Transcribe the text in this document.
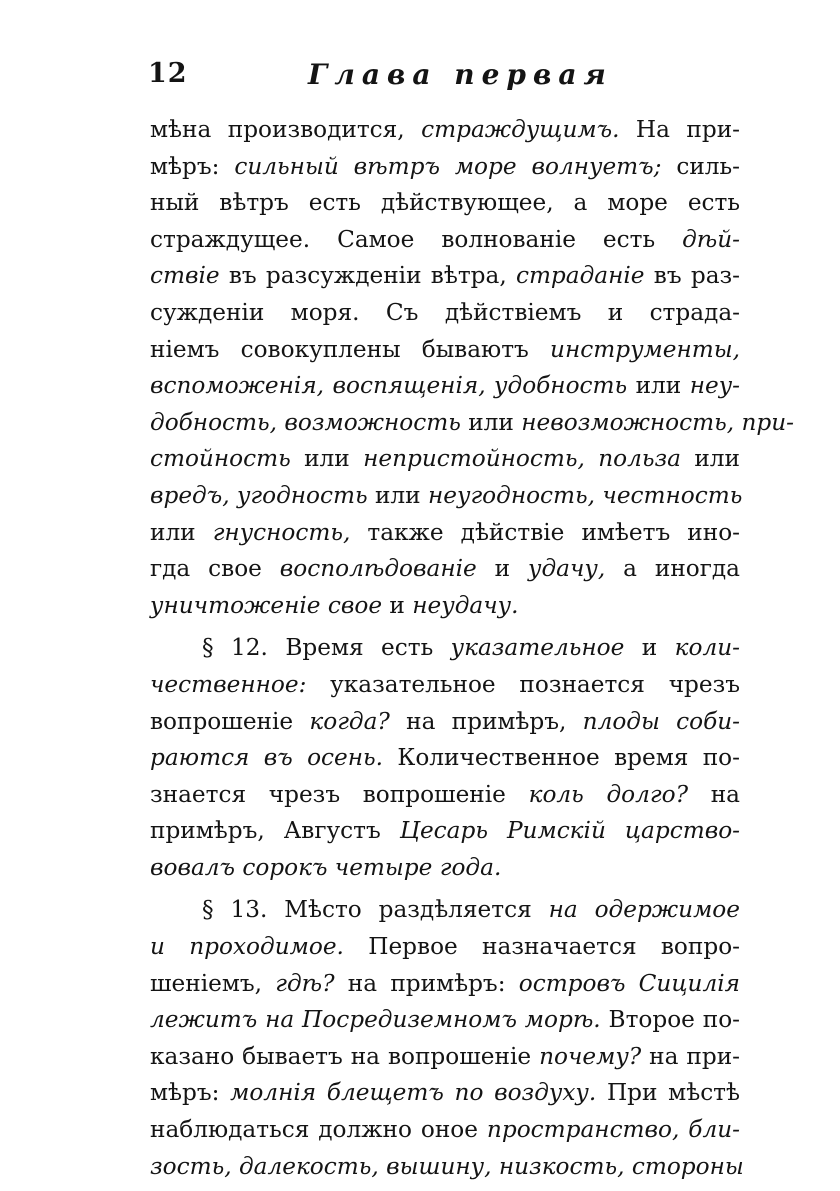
12	Глава первая
мѣна производится, страждущимъ. На при-
мѣръ: сильный вѣтръ море волнуетъ; силь-
ный вѣтръ есть дѣйствующее, а море есть
страждущее. Самое волнованіе есть дѣй-
ствіе въ разсужденіи вѣтра, страданіе въ раз-
сужденіи моря. Съ дѣйствіемъ и страда-
ніемъ совокуплены бываютъ инструменты,
вспоможенія, воспященія, удобность или неу-
добность, возможность или невозможность, при-
стойность или непристойность, польза или
вредъ, угодность или неугодность, честность
или гнусность, также дѣйствіе имѣетъ ино-
гда свое восполѣдованіе и удачу, а иногда
уничтоженіе свое и неудачу.
§ 12. Время есть указательное и коли-
чественное: указательное познается чрезъ
вопрошеніе когда? на примѣръ, плоды соби-
раются въ осень. Количественное время по-
знается чрезъ вопрошеніе коль долго? на
примѣръ, Августъ Цесарь Римскій царство-
вовалъ сорокъ четыре года.
§ 13. Мѣсто раздѣляется на одержимое
и проходимое. Первое назначается вопро-
шеніемъ, гдѣ? на примѣръ: островъ Сицилія
лежитъ на Посредиземномъ морѣ. Второе по-
казано бываетъ на вопрошеніе почему? на при-
мѣръ: молнія блещетъ по воздуху. При мѣстѣ
наблюдаться должно оное пространство, бли-
зость, далекость, вышину, низкость, стороны
